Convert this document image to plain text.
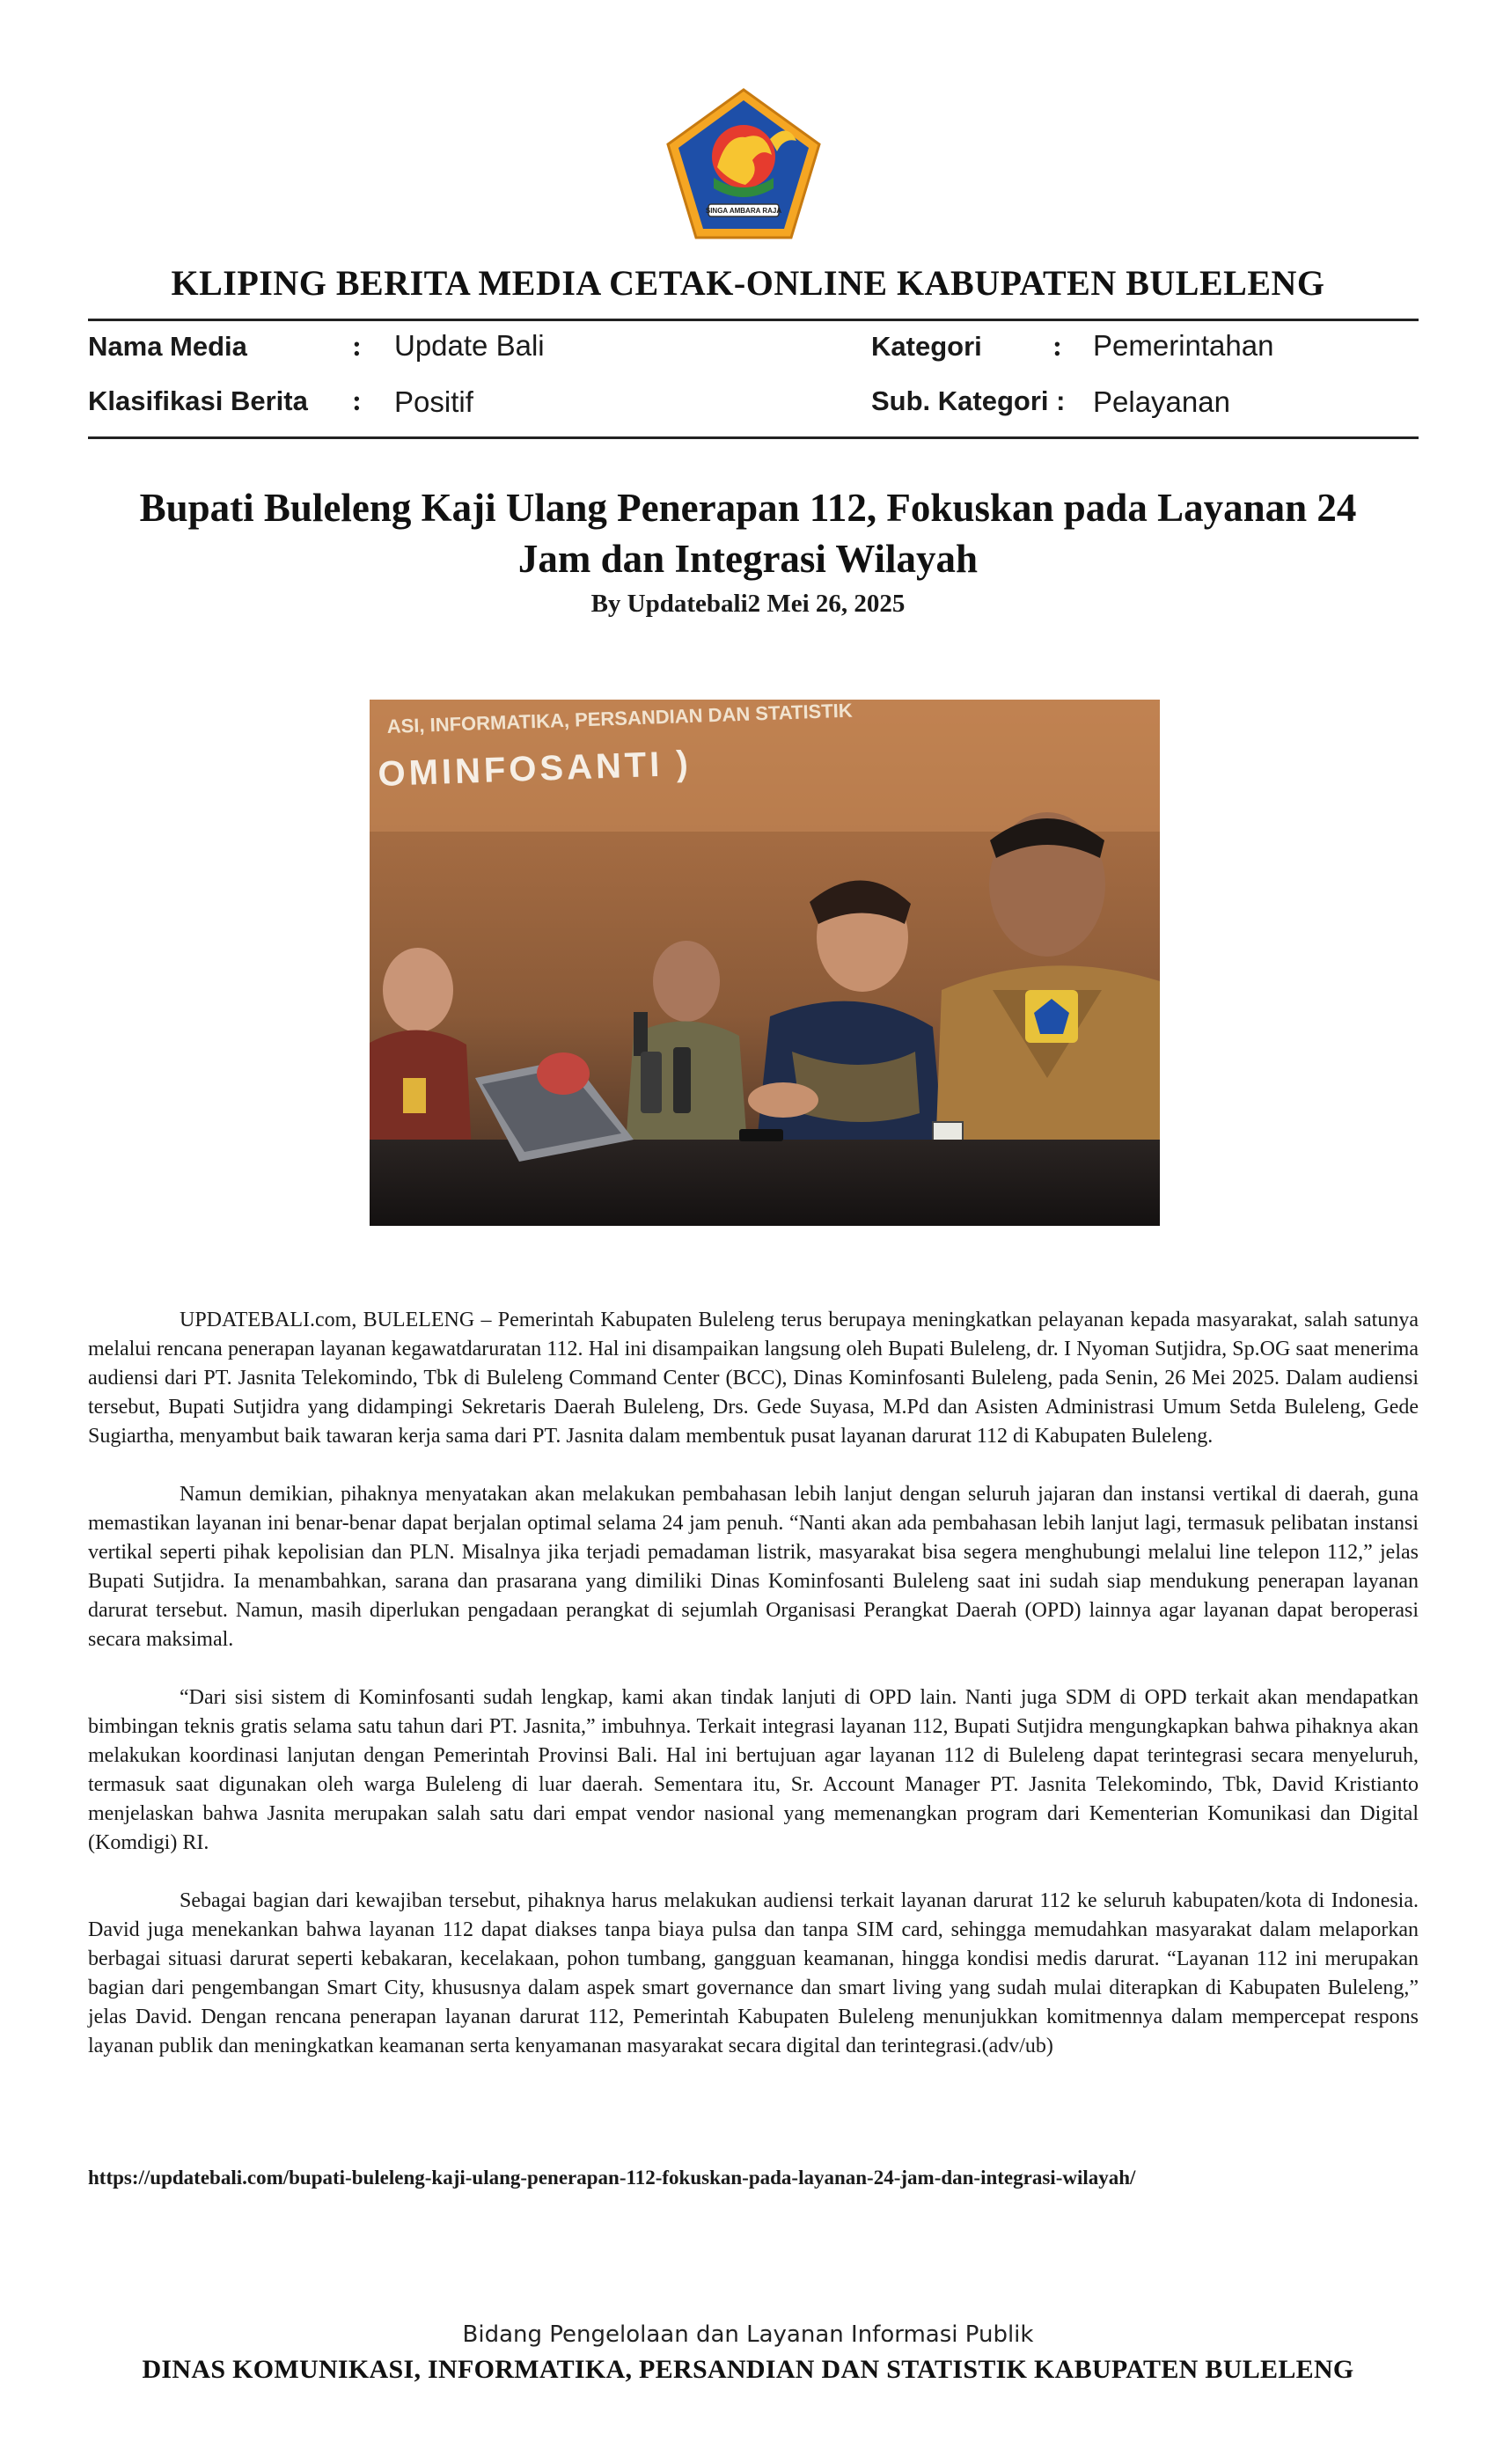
SINGA AMBARA RAJA
KLIPING BERITA MEDIA CETAK-ONLINE KABUPATEN BULELENG
Nama Media	: Update Bali	Kategori : Pemerintahan
Klasifikasi Berita : Positif	Sub. Kategori : Pelayanan
Bupati Buleleng Kaji Ulang Penerapan 112, Fokuskan pada Layanan 24 Jam dan Integrasi Wilayah
By Updatebali2 Mei 26, 2025
ASI, INFORMATIKA, PERSANDIAN DAN STATISTIK
OMINFOSANTI )

UPDATEBALI.com, BULELENG – Pemerintah Kabupaten Buleleng terus berupaya meningkatkan pelayanan kepada masyarakat, salah satunya melalui rencana penerapan layanan kegawatdaruratan 112. Hal ini disampaikan langsung oleh Bupati Buleleng, dr. I Nyoman Sutjidra, Sp.OG saat menerima audiensi dari PT. Jasnita Telekomindo, Tbk di Buleleng Command Center (BCC), Dinas Kominfosanti Buleleng, pada Senin, 26 Mei 2025. Dalam audiensi tersebut, Bupati Sutjidra yang didampingi Sekretaris Daerah Buleleng, Drs. Gede Suyasa, M.Pd dan Asisten Administrasi Umum Setda Buleleng, Gede Sugiartha, menyambut baik tawaran kerja sama dari PT. Jasnita dalam membentuk pusat layanan darurat 112 di Kabupaten Buleleng.

Namun demikian, pihaknya menyatakan akan melakukan pembahasan lebih lanjut dengan seluruh jajaran dan instansi vertikal di daerah, guna memastikan layanan ini benar-benar dapat berjalan optimal selama 24 jam penuh. “Nanti akan ada pembahasan lebih lanjut lagi, termasuk pelibatan instansi vertikal seperti pihak kepolisian dan PLN. Misalnya jika terjadi pemadaman listrik, masyarakat bisa segera menghubungi melalui line telepon 112,” jelas Bupati Sutjidra. Ia menambahkan, sarana dan prasarana yang dimiliki Dinas Kominfosanti Buleleng saat ini sudah siap mendukung penerapan layanan darurat tersebut. Namun, masih diperlukan pengadaan perangkat di sejumlah Organisasi Perangkat Daerah (OPD) lainnya agar layanan dapat beroperasi secara maksimal.

“Dari sisi sistem di Kominfosanti sudah lengkap, kami akan tindak lanjuti di OPD lain. Nanti juga SDM di OPD terkait akan mendapatkan bimbingan teknis gratis selama satu tahun dari PT. Jasnita,” imbuhnya. Terkait integrasi layanan 112, Bupati Sutjidra mengungkapkan bahwa pihaknya akan melakukan koordinasi lanjutan dengan Pemerintah Provinsi Bali. Hal ini bertujuan agar layanan 112 di Buleleng dapat terintegrasi secara menyeluruh, termasuk saat digunakan oleh warga Buleleng di luar daerah. Sementara itu, Sr. Account Manager PT. Jasnita Telekomindo, Tbk, David Kristianto menjelaskan bahwa Jasnita merupakan salah satu dari empat vendor nasional yang memenangkan program dari Kementerian Komunikasi dan Digital (Komdigi) RI.

Sebagai bagian dari kewajiban tersebut, pihaknya harus melakukan audiensi terkait layanan darurat 112 ke seluruh kabupaten/kota di Indonesia. David juga menekankan bahwa layanan 112 dapat diakses tanpa biaya pulsa dan tanpa SIM card, sehingga memudahkan masyarakat dalam melaporkan berbagai situasi darurat seperti kebakaran, kecelakaan, pohon tumbang, gangguan keamanan, hingga kondisi medis darurat. “Layanan 112 ini merupakan bagian dari pengembangan Smart City, khususnya dalam aspek smart governance dan smart living yang sudah mulai diterapkan di Kabupaten Buleleng,” jelas David. Dengan rencana penerapan layanan darurat 112, Pemerintah Kabupaten Buleleng menunjukkan komitmennya dalam mempercepat respons layanan publik dan meningkatkan keamanan serta kenyamanan masyarakat secara digital dan terintegrasi.(adv/ub)

https://updatebali.com/bupati-buleleng-kaji-ulang-penerapan-112-fokuskan-pada-layanan-24-jam-dan-integrasi-wilayah/
Bidang Pengelolaan dan Layanan Informasi Publik
DINAS KOMUNIKASI, INFORMATIKA, PERSANDIAN DAN STATISTIK KABUPATEN BULELENG
